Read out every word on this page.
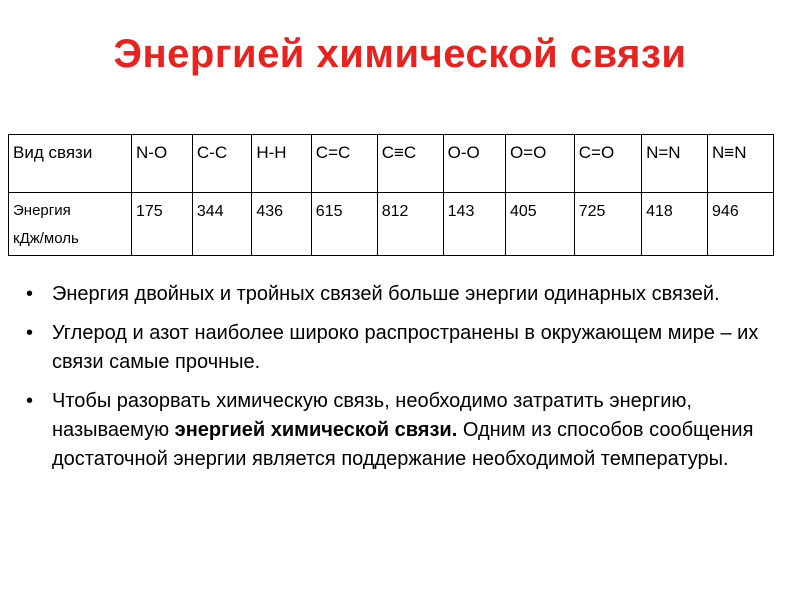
Энергией химической связи
Вид связи	N-O	C-C	H-H	C=C	C≡C	O-O	O=O	C=O	N=N	N≡N
Энергия
кДж/моль	175	344	436	615	812	143	405	725	418	946
• Энергия двойных и тройных связей больше энергии одинарных связей.
• Углерод и азот наиболее широко распространены в окружающем мире – их связи самые прочные.
• Чтобы разорвать химическую связь, необходимо затратить энергию, называемую энергией химической связи. Одним из способов сообщения достаточной энергии является поддержание необходимой температуры.
